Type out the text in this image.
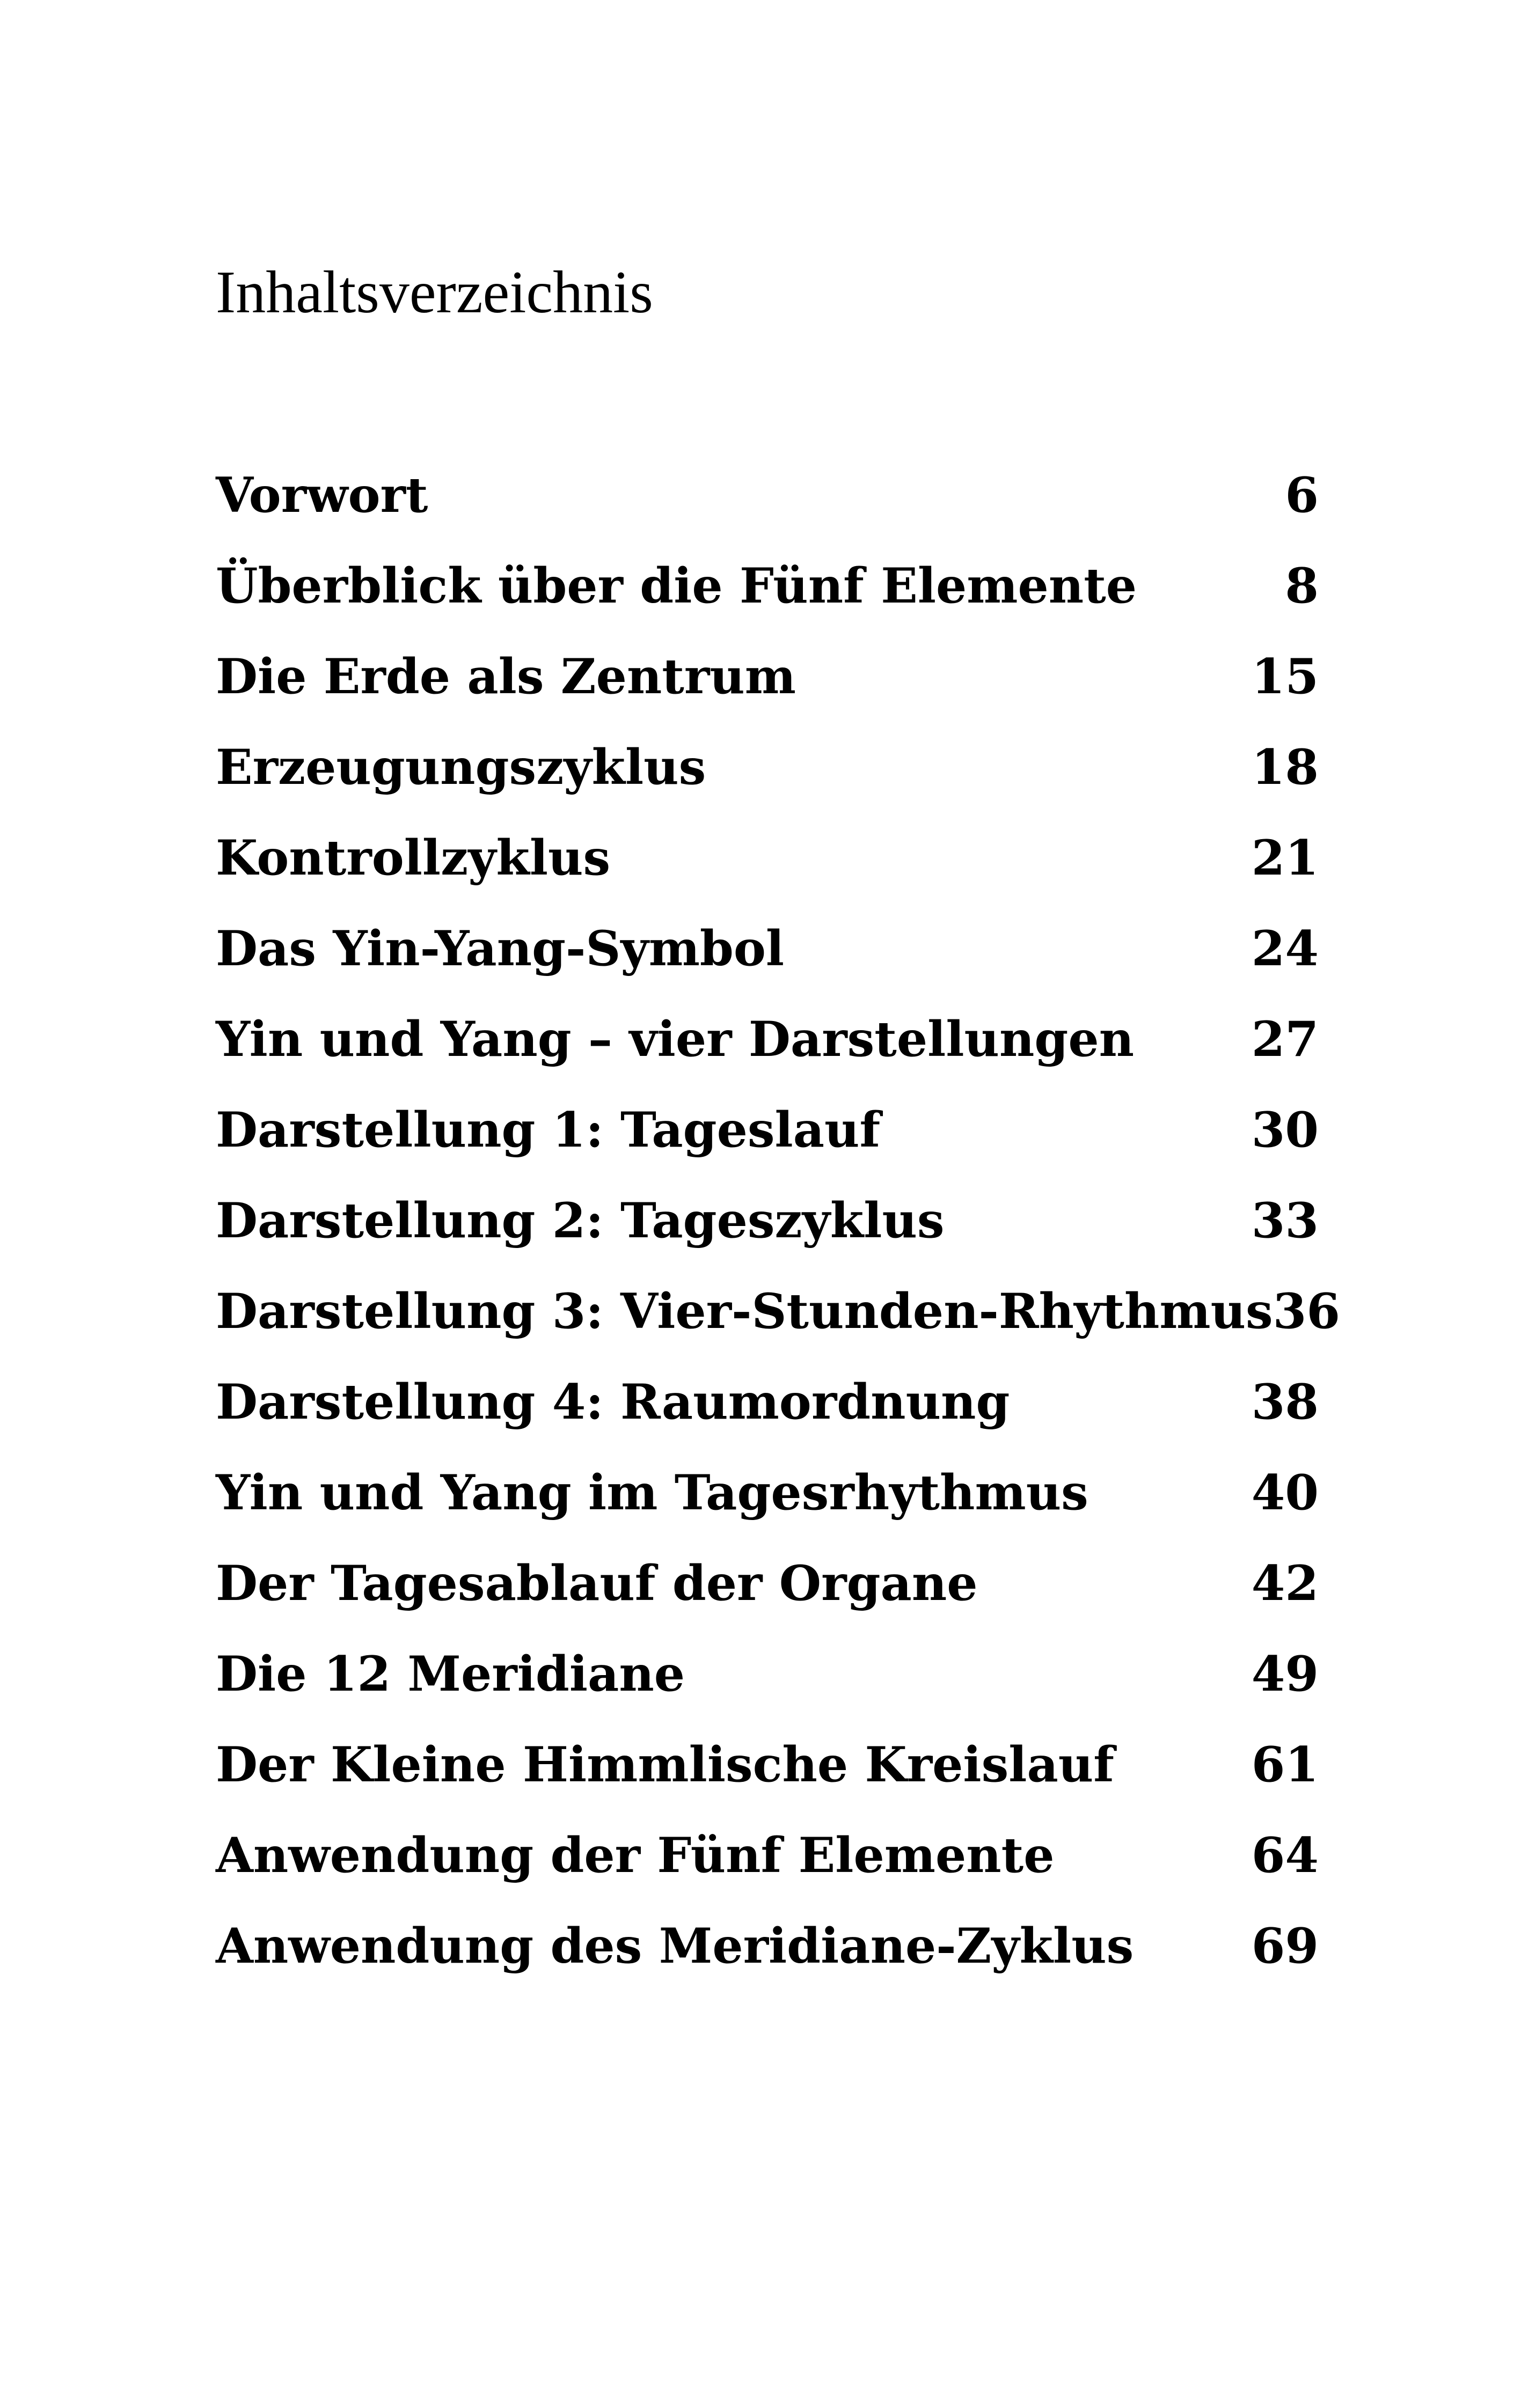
Inhaltsverzeichnis
Vorwort	6
Überblick über die Fünf Elemente	8
Die Erde als Zentrum	15
Erzeugungszyklus	18
Kontrollzyklus	21
Das Yin-Yang-Symbol	24
Yin und Yang – vier Darstellungen 27
Darstellung 1: Tageslauf	30
Darstellung 2: Tageszyklus	33
Darstellung 3: Vier-Stunden-Rhythmus 36
Darstellung 4: Raumordnung	38
Yin und Yang im Tagesrhythmus	40
Der Tagesablauf der Organe	42
Die 12 Meridiane	49
Der Kleine Himmlische Kreislauf	61
Anwendung der Fünf Elemente	64
Anwendung des Meridiane-Zyklus 69
